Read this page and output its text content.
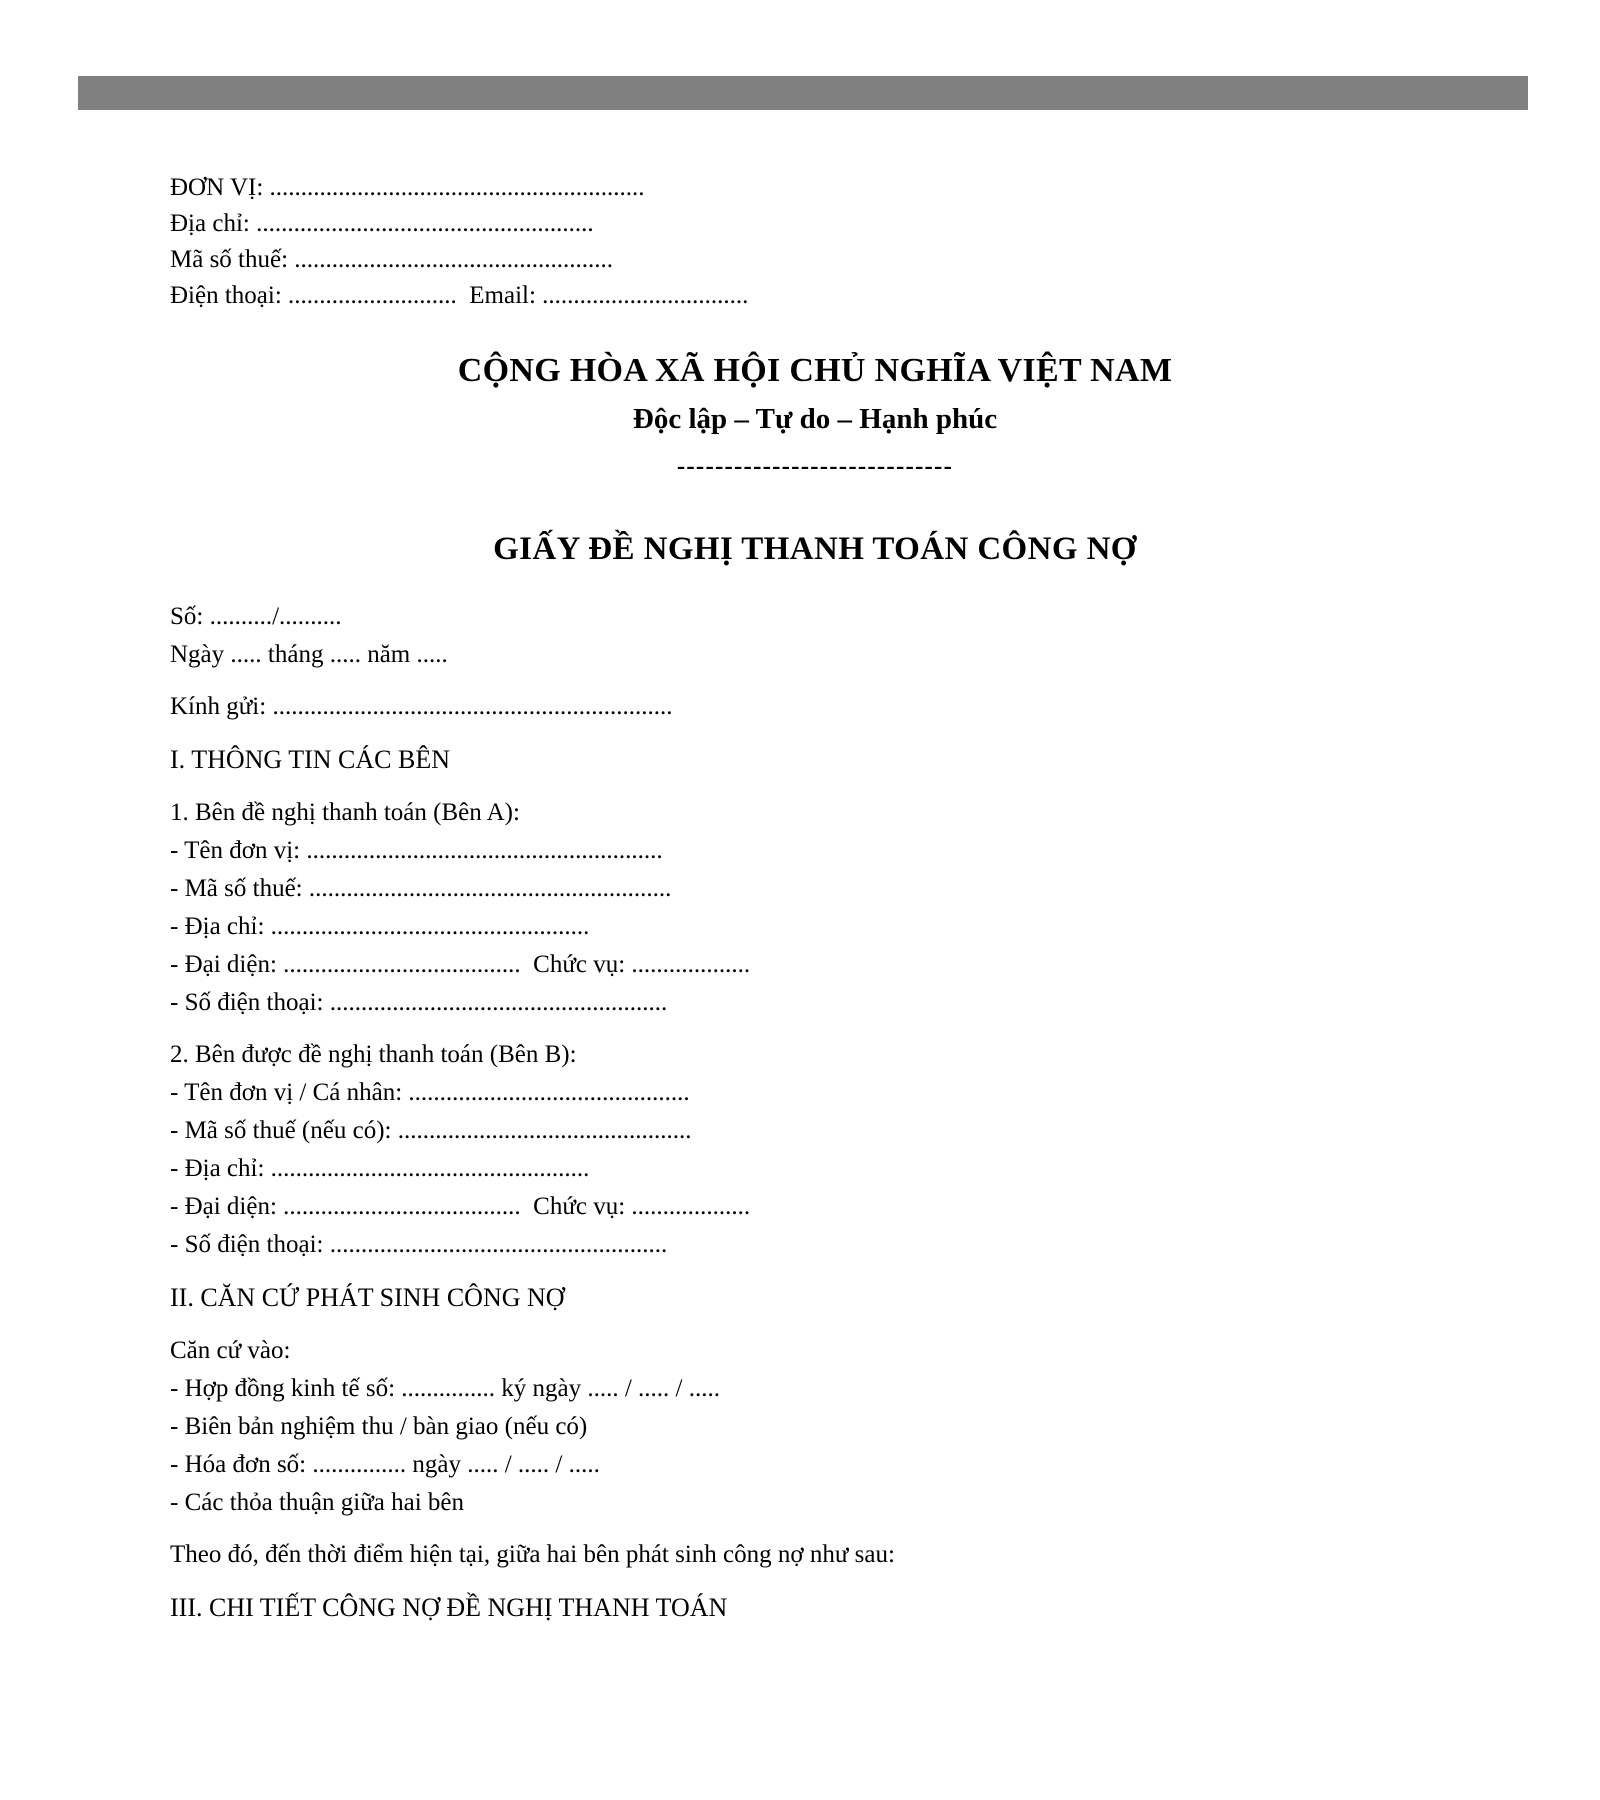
ĐƠN VỊ: ............................................................
Địa chỉ: ......................................................
Mã số thuế: ...................................................
Điện thoại: ...........................  Email: .................................
CỘNG HÒA XÃ HỘI CHỦ NGHĨA VIỆT NAM
Độc lập – Tự do – Hạnh phúc
-----------------------------
GIẤY ĐỀ NGHỊ THANH TOÁN CÔNG NỢ
Số: ........../..........
Ngày ..... tháng ..... năm .....
Kính gửi: ................................................................
I. THÔNG TIN CÁC BÊN
1. Bên đề nghị thanh toán (Bên A):
- Tên đơn vị: .........................................................
- Mã số thuế: ..........................................................
- Địa chỉ: ...................................................
- Đại diện: ......................................  Chức vụ: ...................
- Số điện thoại: ......................................................
2. Bên được đề nghị thanh toán (Bên B):
- Tên đơn vị / Cá nhân: .............................................
- Mã số thuế (nếu có): ...............................................
- Địa chỉ: ...................................................
- Đại diện: ......................................  Chức vụ: ...................
- Số điện thoại: ......................................................
II. CĂN CỨ PHÁT SINH CÔNG NỢ
Căn cứ vào:
- Hợp đồng kinh tế số: ............... ký ngày ..... / ..... / .....
- Biên bản nghiệm thu / bàn giao (nếu có)
- Hóa đơn số: ............... ngày ..... / ..... / .....
- Các thỏa thuận giữa hai bên
Theo đó, đến thời điểm hiện tại, giữa hai bên phát sinh công nợ như sau:
III. CHI TIẾT CÔNG NỢ ĐỀ NGHỊ THANH TOÁN
